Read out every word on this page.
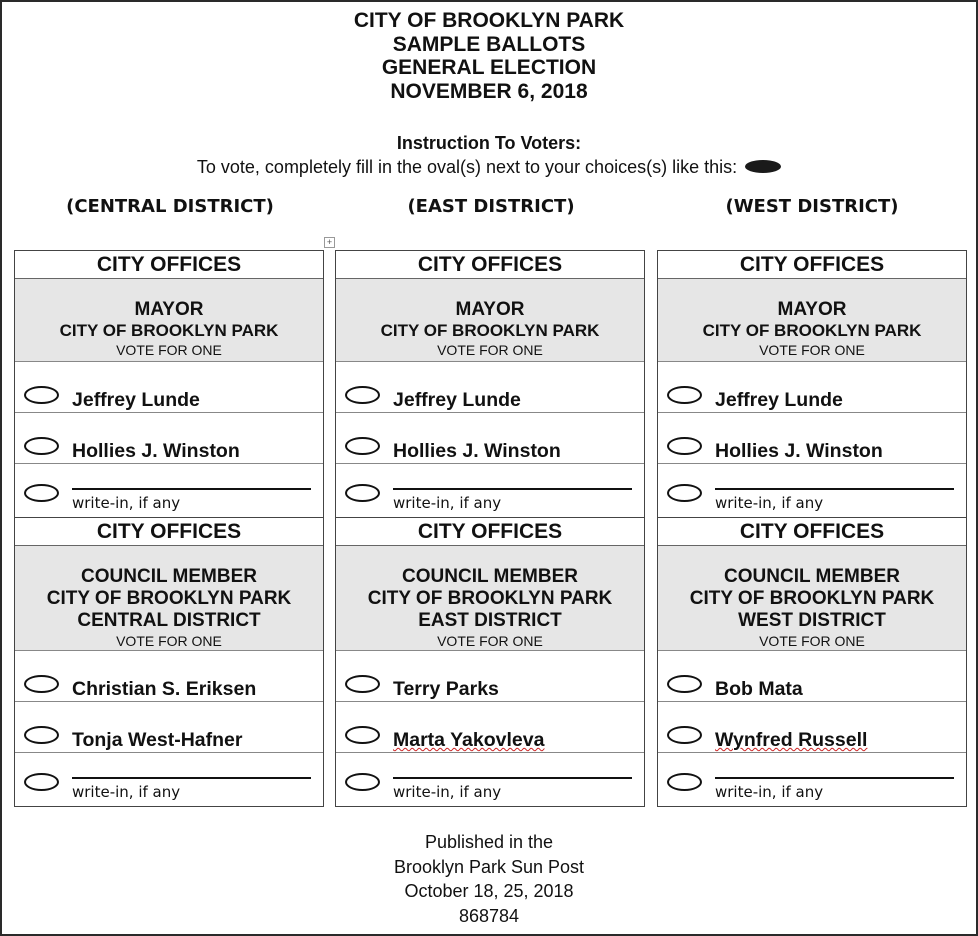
CITY OF BROOKLYN PARK
SAMPLE BALLOTS
GENERAL ELECTION
NOVEMBER 6, 2018
Instruction To Voters:
To vote, completely fill in the oval(s) next to your choices(s) like this:
(CENTRAL DISTRICT)	(EAST DISTRICT)	(WEST DISTRICT)
+
CITY OFFICES
MAYOR
CITY OF BROOKLYN PARK
VOTE FOR ONE
Jeffrey Lunde
Hollies J. Winston
write-in, if any
CITY OFFICES
COUNCIL MEMBER
CITY OF BROOKLYN PARK
CENTRAL DISTRICT
VOTE FOR ONE
Christian S. Eriksen
Tonja West-Hafner
write-in, if any
CITY OFFICES
MAYOR
CITY OF BROOKLYN PARK
VOTE FOR ONE
Jeffrey Lunde
Hollies J. Winston
write-in, if any
CITY OFFICES
COUNCIL MEMBER
CITY OF BROOKLYN PARK
EAST DISTRICT
VOTE FOR ONE
Terry Parks
Marta Yakovleva
write-in, if any
CITY OFFICES
MAYOR
CITY OF BROOKLYN PARK
VOTE FOR ONE
Jeffrey Lunde
Hollies J. Winston
write-in, if any
CITY OFFICES
COUNCIL MEMBER
CITY OF BROOKLYN PARK
WEST DISTRICT
VOTE FOR ONE
Bob Mata
Wynfred Russell
write-in, if any
Published in the
Brooklyn Park Sun Post
October 18, 25, 2018
868784
